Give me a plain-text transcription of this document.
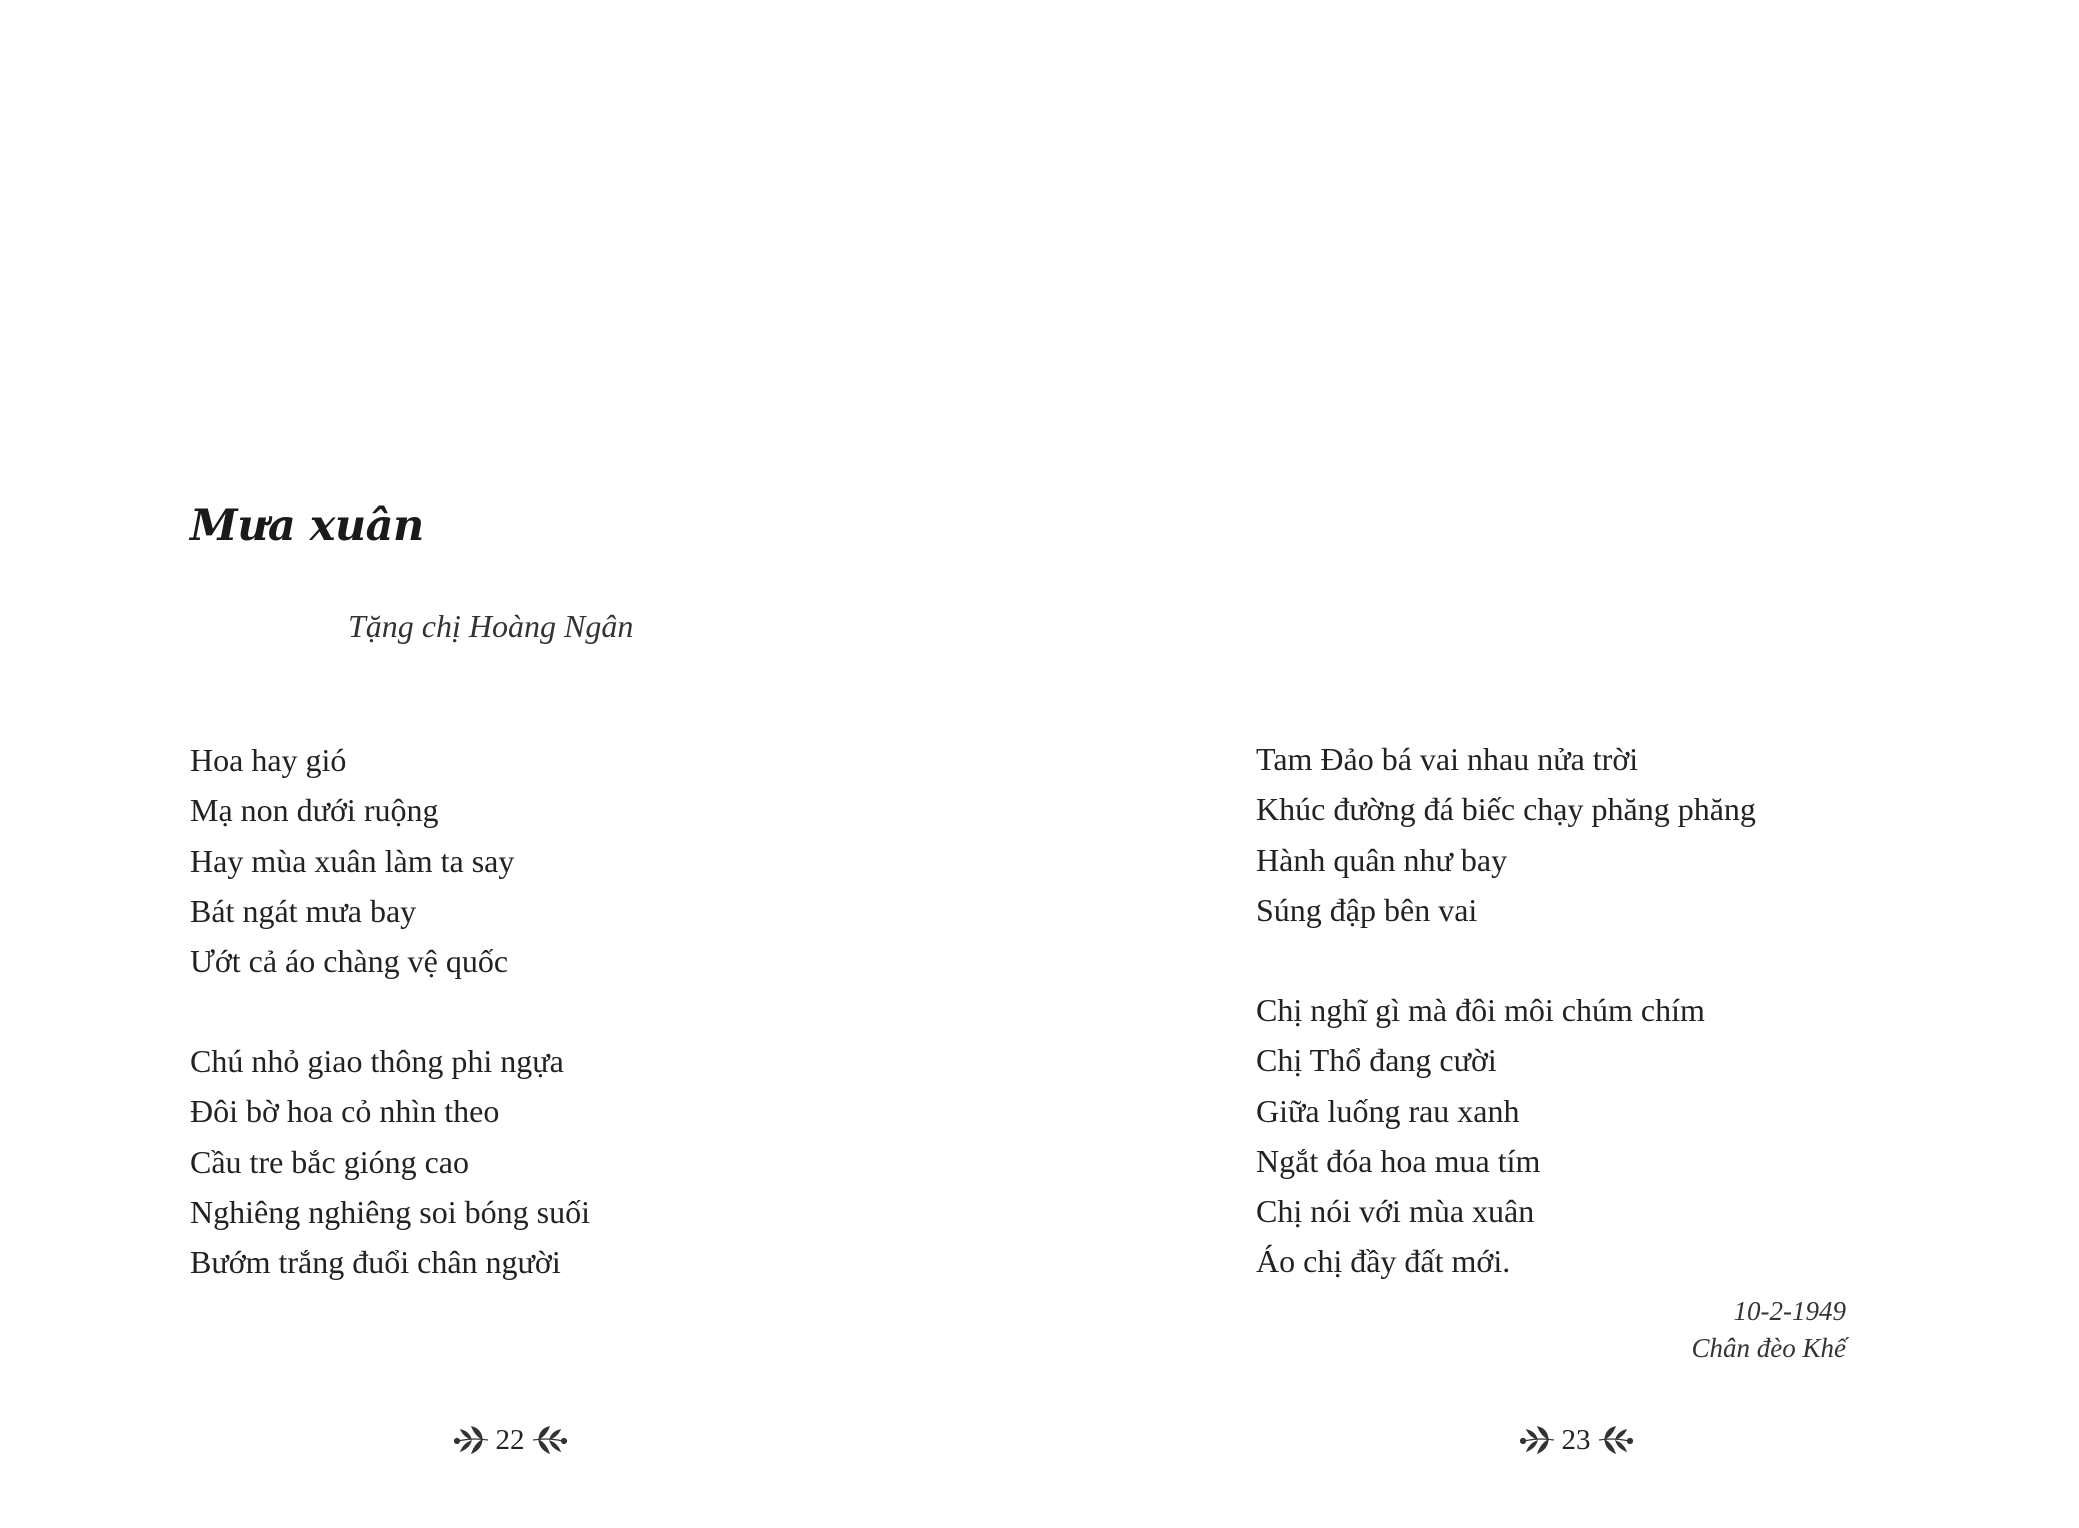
Mưa xuân
Tặng chị Hoàng Ngân
Hoa hay gió
Mạ non dưới ruộng
Hay mùa xuân làm ta say
Bát ngát mưa bay
Ướt cả áo chàng vệ quốc
Chú nhỏ giao thông phi ngựa
Đôi bờ hoa cỏ nhìn theo
Cầu tre bắc gióng cao
Nghiêng nghiêng soi bóng suối
Bướm trắng đuổi chân người
22
Tam Đảo bá vai nhau nửa trời
Khúc đường đá biếc chạy phăng phăng
Hành quân như bay
Súng đập bên vai
Chị nghĩ gì mà đôi môi chúm chím
Chị Thổ đang cười
Giữa luống rau xanh
Ngắt đóa hoa mua tím
Chị nói với mùa xuân
Áo chị đầy đất mới.
10-2-1949
Chân đèo Khế
23
